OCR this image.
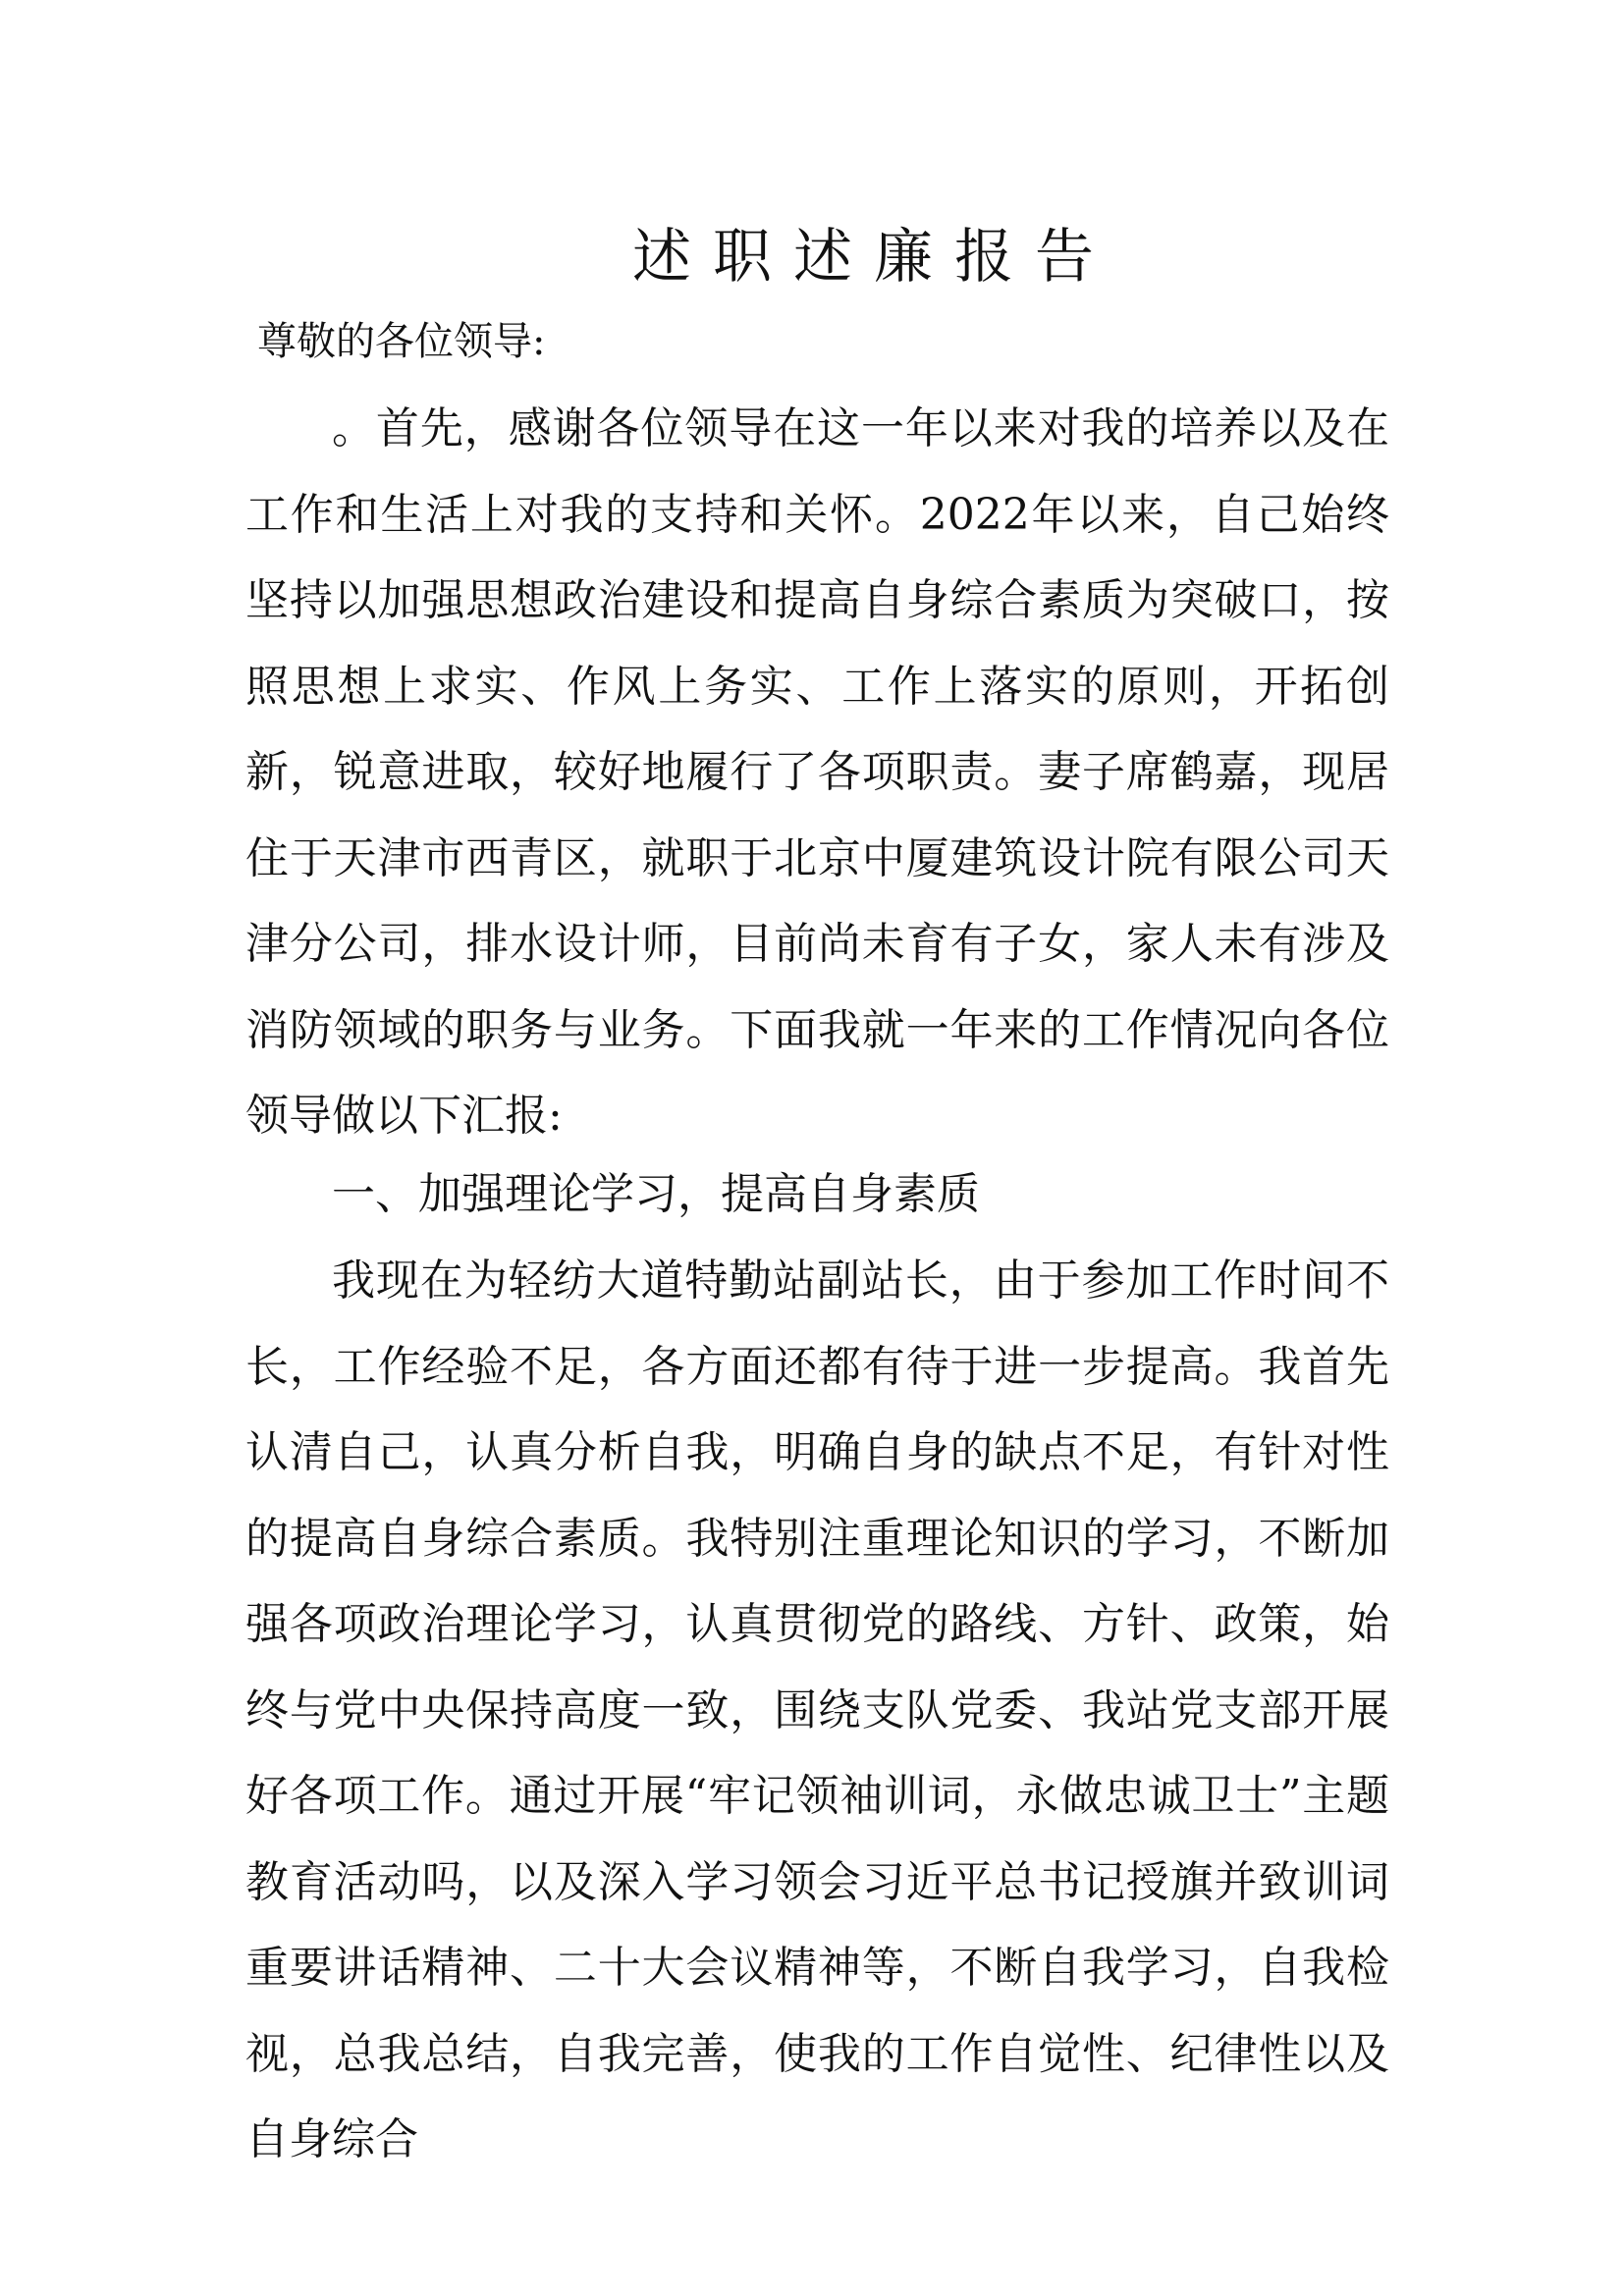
述职述廉报告

尊敬的各位领导:

。首先，感谢各位领导在这一年以来对我的培养以及在工作和生活上对我的支持和关怀。2022年以来，自己始终坚持以加强思想政治建设和提高自身综合素质为突破口，按照思想上求实、作风上务实、工作上落实的原则，开拓创新，锐意进取，较好地履行了各项职责。妻子席鹤嘉，现居住于天津市西青区，就职于北京中厦建筑设计院有限公司天津分公司，排水设计师，目前尚未育有子女，家人未有涉及消防领域的职务与业务。下面我就一年来的工作情况向各位领导做以下汇报:

一、加强理论学习，提高自身素质

我现在为轻纺大道特勤站副站长，由于参加工作时间不长，工作经验不足，各方面还都有待于进一步提高。我首先认清自己，认真分析自我，明确自身的缺点不足，有针对性的提高自身综合素质。我特别注重理论知识的学习，不断加强各项政治理论学习，认真贯彻党的路线、方针、政策，始终与党中央保持高度一致，围绕支队党委、我站党支部开展好各项工作。通过开展“牢记领袖训词，永做忠诚卫士”主题教育活动吗，以及深入学习领会习近平总书记授旗并致训词重要讲话精神、二十大会议精神等，不断自我学习，自我检视，总我总结，自我完善，使我的工作自觉性、纪律性以及自身综合
